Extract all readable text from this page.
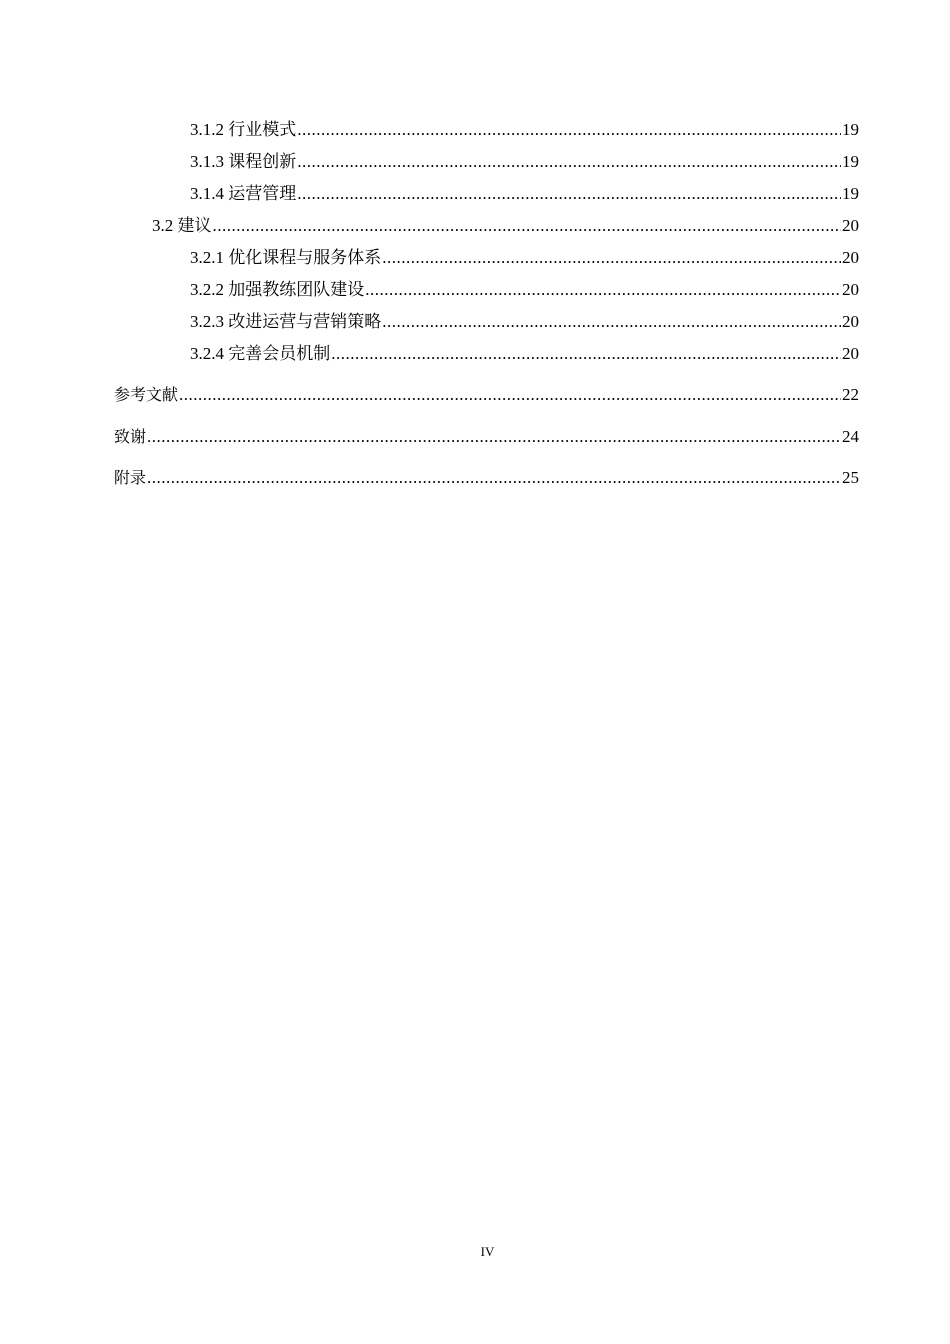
3.1.2 行业模式 .....	19
3.1.3 课程创新 .....	19
3.1.4 运营管理 .....	19
3.2 建议 .....	20
3.2.1 优化课程与服务体系 .....	20
3.2.2 加强教练团队建设 .....	20
3.2.3 改进运营与营销策略 .....	20
3.2.4 完善会员机制 .....	20
参考文献 .....	22
致谢 .....	24
附录 .....	25
IV
